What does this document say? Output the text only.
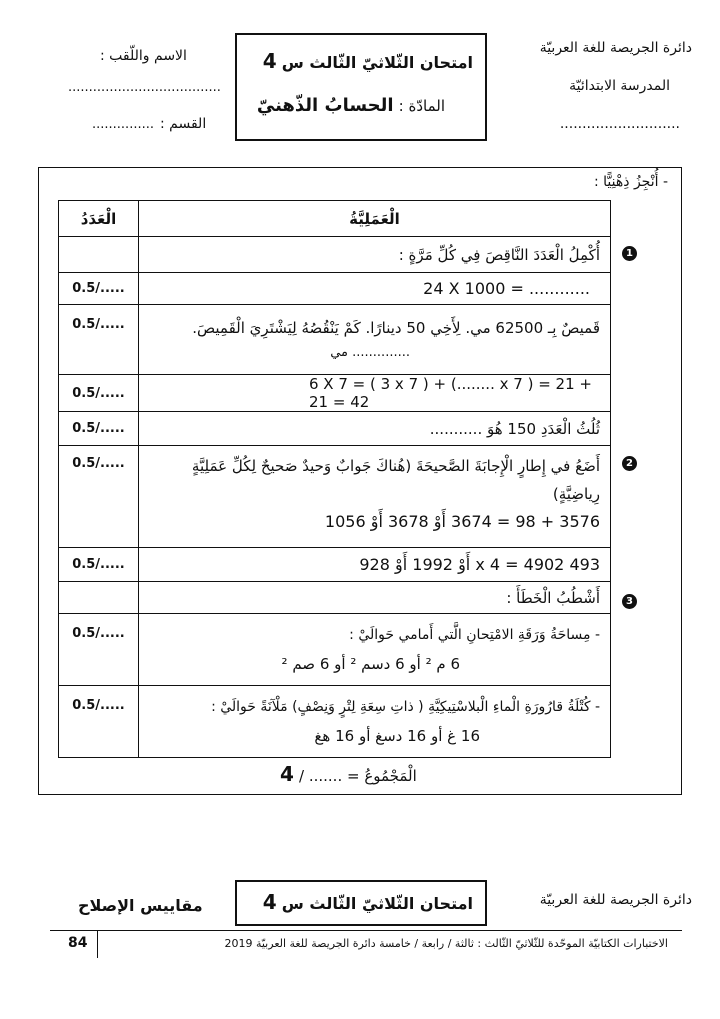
دائرة الجريصة للغة العربيّة
المدرسة الابتدائيّة
...........................
امتحان الثّلاثيّ الثّالث س 4
المادّة : الحسابُ الذّهنيّ
الاسم واللّقب :
.....................................
القسم :
...............
- أُنْجِزُ ذِهْنِيًّا :
الْعَدَدُ	الْعَمَلِيَّةُ
	أُكْمِلُ الْعَدَدَ النَّاقِصَ فِي كُلِّ مَرَّةٍ :
0.5/.....	24 X 1000 = ............
0.5/.....	قَميصٌ بِـ 62500 مي. لِأَخِي 50 دينارًا. كَمْ يَنْقُصُهُ لِيَشْتَرِيَ الْقَمِيصَ.
.............. مي

0.5/.....	6 X 7 = ( 3 x 7 ) + (........ x 7 ) = 21 + 21 = 42
0.5/.....	ثُلُثُ الْعَدَدِ 150 هُوَ ...........
0.5/.....	أَضَعُ في إِطارٍ الْإِجابَةَ الصَّحيحَةَ (هُناكَ جَوابٌ وَحيدٌ صَحيحٌ لِكُلِّ عَمَلِيَّةٍ رِياضِيَّةٍ)
3576 + 98 = 3674 أَوْ 3678 أَوْ 1056

0.5/.....	493 x 4 = 4902 أَوْ 1992 أَوْ 928
	أَشْطُبُ الْخَطَأَ :
0.5/.....	- مِساحَةُ وَرَقَةِ الامْتِحانِ الَّتي أَمامي حَوالَيْ :
6 م ² أو 6 دسم ² أو 6 صم ²

0.5/.....	- كُتْلَةُ قارُورَةِ الْماءِ الْبلاسْتِيكِيَّةِ ( ذاتِ سِعَةِ لِتْرٍ وَنِصْفٍ) مَلْآنَةً حَوالَيْ :
16 غ أو 16 دسغ أو 16 هغ
1
2
3
الْمَجْمُوعُ = ....... / 4
دائرة الجريصة للغة العربيّة
امتحان الثّلاثيّ الثّالث س 4
مقاييس الإصلاح
الاختبارات الكتابيّة الموحّدة للثّلاثيّ الثّالث : ثالثة / رابعة / خامسة دائرة الجريصة للغة العربيّة 2019
84
